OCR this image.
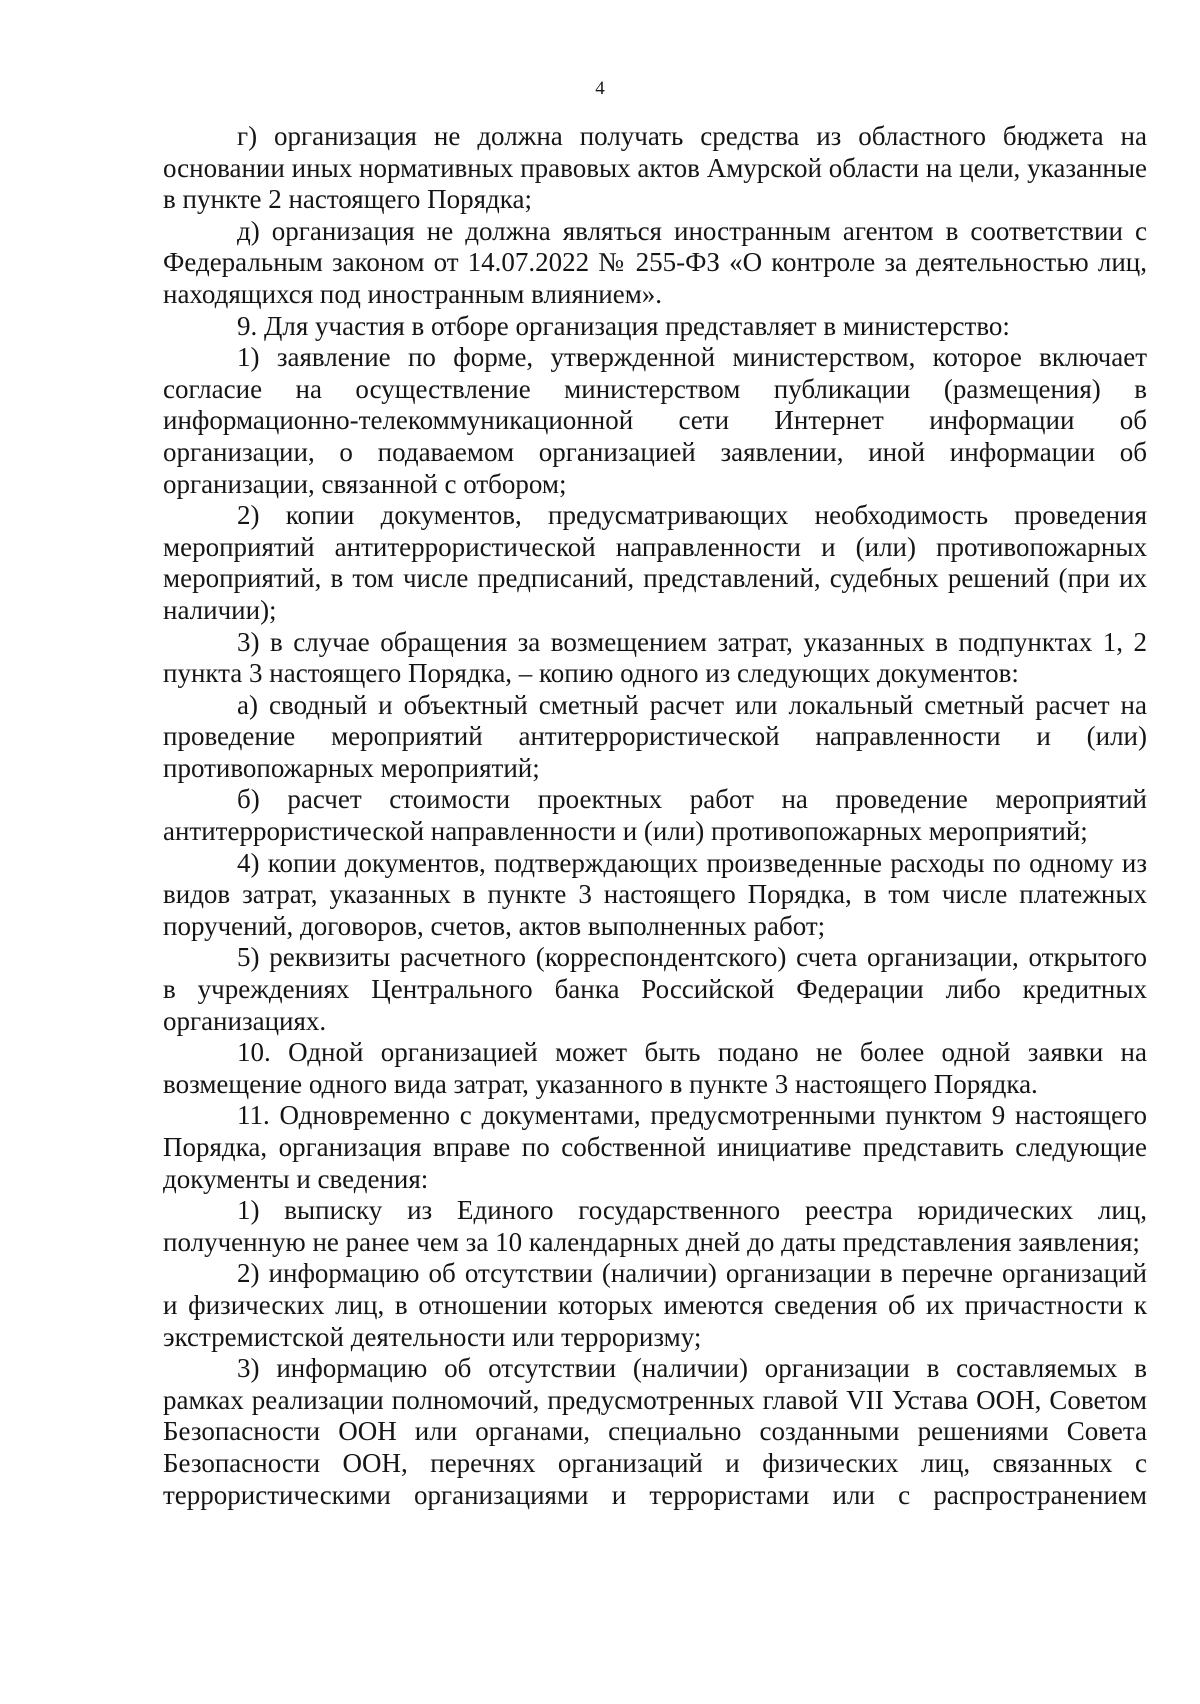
4

г) организация не должна получать средства из областного бюджета на основании иных нормативных правовых актов Амурской области на цели, указанные в пункте 2 настоящего Порядка;

д) организация не должна являться иностранным агентом в соответствии с Федеральным законом от 14.07.2022 № 255-ФЗ «О контроле за деятельностью лиц, находящихся под иностранным влиянием».

9. Для участия в отборе организация представляет в министерство:

1) заявление по форме, утвержденной министерством, которое включает согласие на осуществление министерством публикации (размещения) в информационно-телекоммуникационной сети Интернет информации об организации, о подаваемом организацией заявлении, иной информации об организации, связанной с отбором;

2) копии документов, предусматривающих необходимость проведения мероприятий антитеррористической направленности и (или) противопожарных мероприятий, в том числе предписаний, представлений, судебных решений (при их наличии);

3) в случае обращения за возмещением затрат, указанных в подпунктах 1, 2 пункта 3 настоящего Порядка, – копию одного из следующих документов:

а) сводный и объектный сметный расчет или локальный сметный расчет на проведение мероприятий антитеррористической направленности и (или) противопожарных мероприятий;

б) расчет стоимости проектных работ на проведение мероприятий антитеррористической направленности и (или) противопожарных мероприятий;

4) копии документов, подтверждающих произведенные расходы по одному из видов затрат, указанных в пункте 3 настоящего Порядка, в том числе платежных поручений, договоров, счетов, актов выполненных работ;

5) реквизиты расчетного (корреспондентского) счета организации, открытого в учреждениях Центрального банка Российской Федерации либо кредитных организациях.

10. Одной организацией может быть подано не более одной заявки на возмещение одного вида затрат, указанного в пункте 3 настоящего Порядка.

11. Одновременно с документами, предусмотренными пунктом 9 настоящего Порядка, организация вправе по собственной инициативе представить следующие документы и сведения:

1) выписку из Единого государственного реестра юридических лиц, полученную не ранее чем за 10 календарных дней до даты представления заявления;

2) информацию об отсутствии (наличии) организации в перечне организаций и физических лиц, в отношении которых имеются сведения об их причастности к экстремистской деятельности или терроризму;

3) информацию об отсутствии (наличии) организации в составляемых в рамках реализации полномочий, предусмотренных главой VII Устава ООН, Советом Безопасности ООН или органами, специально созданными решениями Совета Безопасности ООН, перечнях организаций и физических лиц, связанных с террористическими организациями и террористами или с распространением
